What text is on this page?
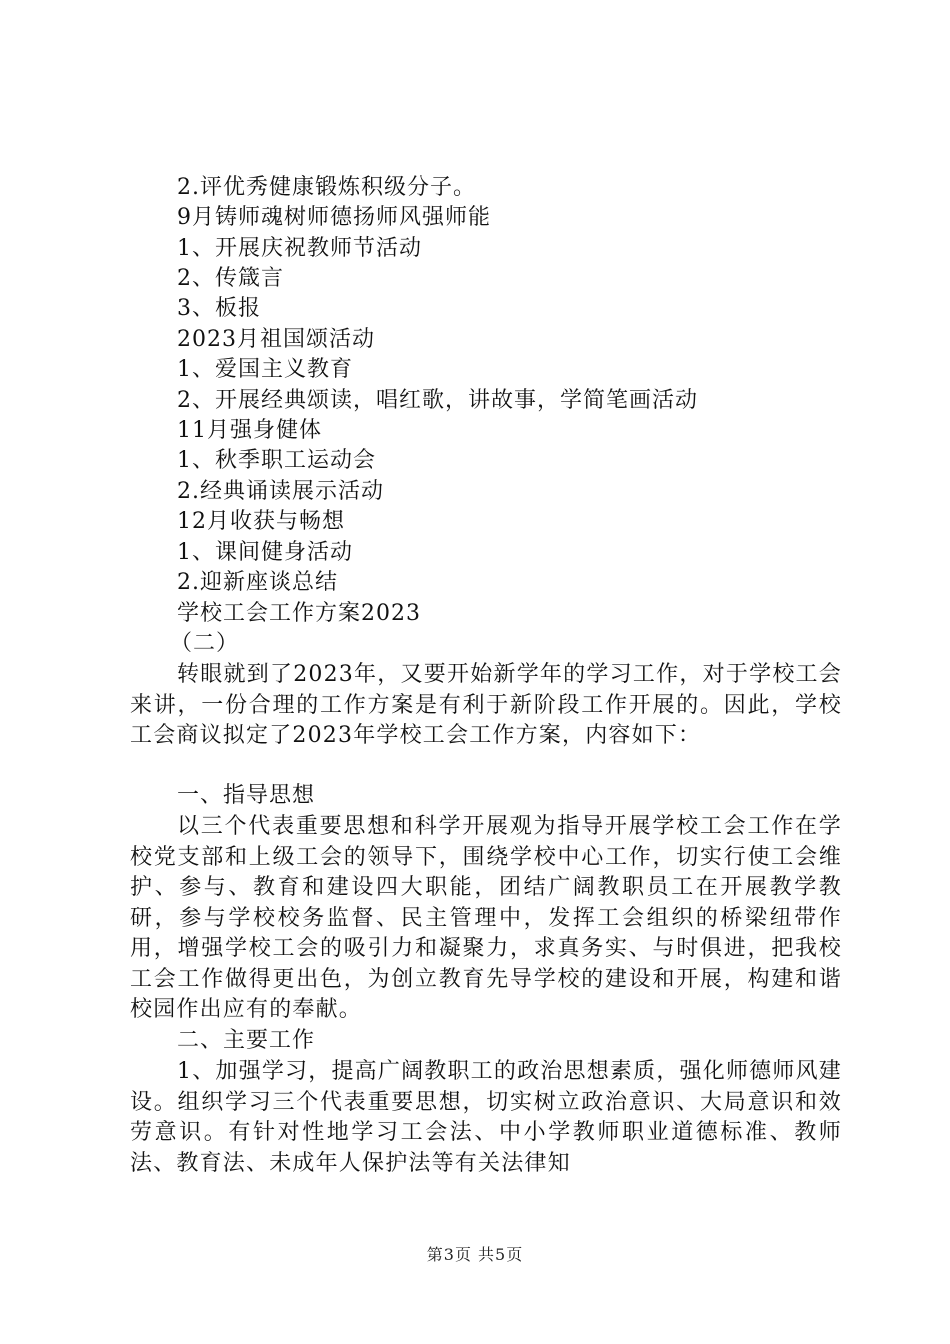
2.评优秀健康锻炼积级分子。
9月铸师魂树师德扬师风强师能
1、开展庆祝教师节活动
2、传箴言
3、板报
2023月祖国颂活动
1、爱国主义教育
2、开展经典颂读，唱红歌，讲故事，学简笔画活动
11月强身健体
1、秋季职工运动会
2.经典诵读展示活动
12月收获与畅想
1、课间健身活动
2.迎新座谈总结
学校工会工作方案2023
（二）

转眼就到了2023年，又要开始新学年的学习工作，对于学校工会来讲，一份合理的工作方案是有利于新阶段工作开展的。因此，学校工会商议拟定了2023年学校工会工作方案，内容如下：

一、指导思想

以三个代表重要思想和科学开展观为指导开展学校工会工作在学校党支部和上级工会的领导下，围绕学校中心工作，切实行使工会维护、参与、教育和建设四大职能，团结广阔教职员工在开展教学教研，参与学校校务监督、民主管理中，发挥工会组织的桥梁纽带作用，增强学校工会的吸引力和凝聚力，求真务实、与时俱进，把我校工会工作做得更出色，为创立教育先导学校的建设和开展，构建和谐校园作出应有的奉献。

二、主要工作

1、加强学习，提高广阔教职工的政治思想素质，强化师德师风建设。组织学习三个代表重要思想，切实树立政治意识、大局意识和效劳意识。有针对性地学习工会法、中小学教师职业道德标准、教师法、教育法、未成年人保护法等有关法律知

第3页 共5页
